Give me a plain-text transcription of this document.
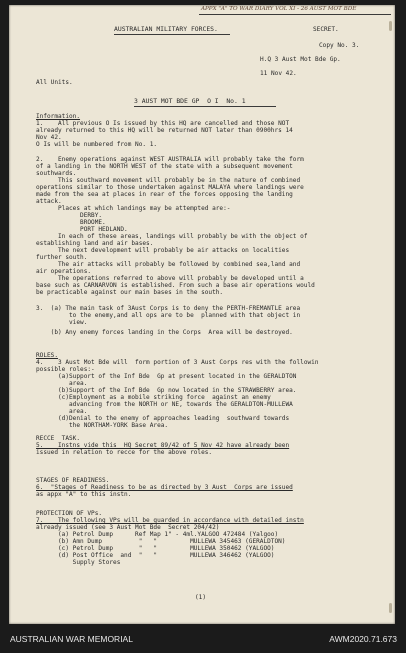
APPX "A" TO WAR DIARY VOL XI - 26 AUST MOT BDE
AUSTRALIAN MILITARY FORCES.	SECRET.
Copy No. 3.
H.Q 3 Aust Mot Bde Gp.
11 Nov 42.
All Units.
3 AUST MOT BDE GP  O I  No. 1
Information.
1.    All previous O Is issued by this HQ are cancelled and those NOT
already returned to this HQ will be returned NOT later than 0900hrs 14
Nov 42.
O Is will be numbered from No. 1.
2.    Enemy operations against WEST AUSTRALIA will probably take the form
of a landing in the NORTH WEST of the state with a subsequent movement
southwards.
This southward movement will probably be in the nature of combined
operations similar to those undertaken against MALAYA where landings were
made from the sea at places in rear of the forces opposing the landing
attack.
Places at which landings may be attempted are:-
DERBY.
BROOME.
PORT HEDLAND.
In each of these areas, landings will probably be with the object of
establishing land and air bases.
The next development will probably be air attacks on localities
further south.
The air attacks will probably be followed by combined sea,land and
air operations.
The operations referred to above will probably be developed until a
base such as CARNARVON is established. From such a base air operations would
be practicable against our main bases in the south.
3.  (a) The main task of 3Aust Corps is to deny the PERTH-FREMANTLE area
to the enemy,and all ops are to be  planned with that object in
view.
(b) Any enemy forces landing in the Corps  Area will be destroyed.
ROLES.
4.    3 Aust Mot Bde will  form portion of 3 Aust Corps res with the followin
possible roles:-
(a)Support of the Inf Bde  Gp at present located in the GERALDTON
area.
(b)Support of the Inf Bde  Gp now located in the STRAWBERRY area.
(c)Employment as a mobile striking force  against an enemy
advancing from the NORTH or NE, towards the GERALDTON-MULLEWA
area.
(d)Denial to the enemy of approaches leading  southward towards
the NORTHAM-YORK Base Area.
RECCE  TASK.
5.    Instns vide this  HQ Secret 89/42 of 5 Nov 42 have already been
issued in relation to recce for the above roles.
STAGES OF READINESS.
6.  "Stages of Readiness to be as directed by 3 Aust  Corps are issued
as appx "A" to this instn.
PROTECTION OF VPs.
7.    The following VPs will be guarded in accordance with detailed instn
already issued (see 3 Aust Mot Bde  Secret 204/42)
(a) Petrol Dump      Ref Map 1" - 4ml.YALGOO 472484 (Yalgoo)
(b) Amn Dump          "   "         MULLEWA 345463 (GERALDTON)
(c) Petrol Dump       "   "         MULLEWA 350462 (YALGOO)
(d) Post Office  and  "   "         MULLEWA 346462 (YALGOO)
Supply Stores
(1)
AUSTRALIAN WAR MEMORIAL	AWM2020.71.673
